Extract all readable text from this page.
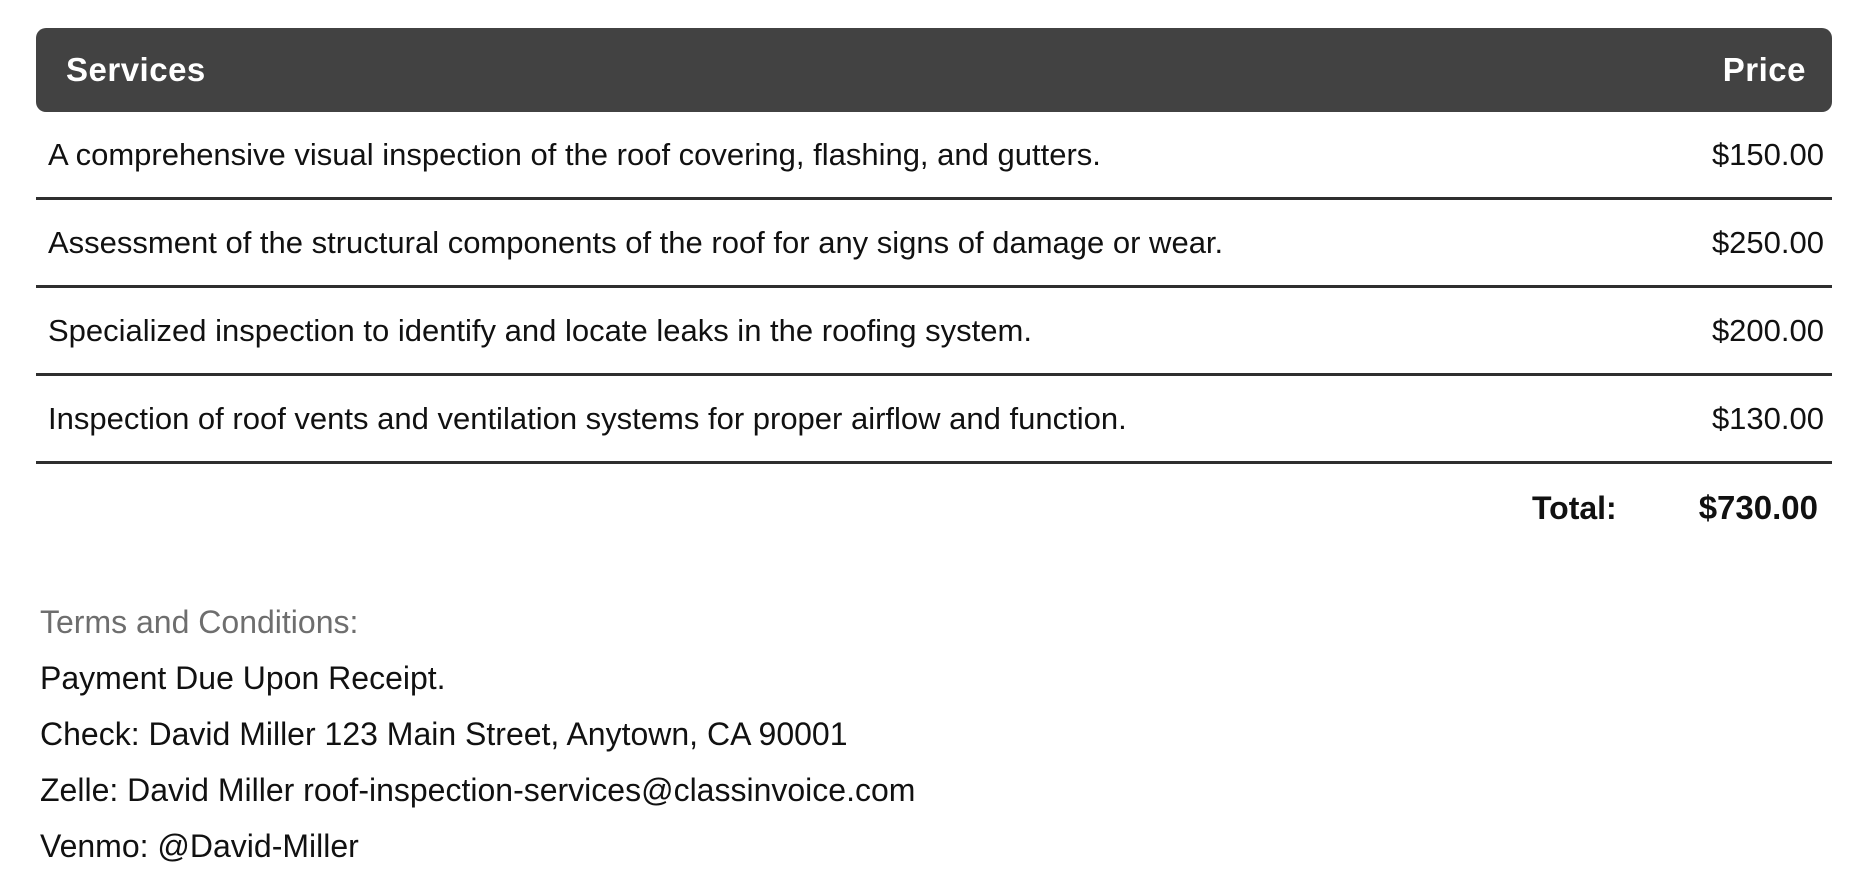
Services	Price
A comprehensive visual inspection of the roof covering, flashing, and gutters.	$150.00
Assessment of the structural components of the roof for any signs of damage or wear.	$250.00
Specialized inspection to identify and locate leaks in the roofing system.	$200.00
Inspection of roof vents and ventilation systems for proper airflow and function.	$130.00
Total: $730.00
Terms and Conditions:
Payment Due Upon Receipt.
Check: David Miller 123 Main Street, Anytown, CA 90001
Zelle: David Miller roof-inspection-services@classinvoice.com
Venmo: @David-Miller
